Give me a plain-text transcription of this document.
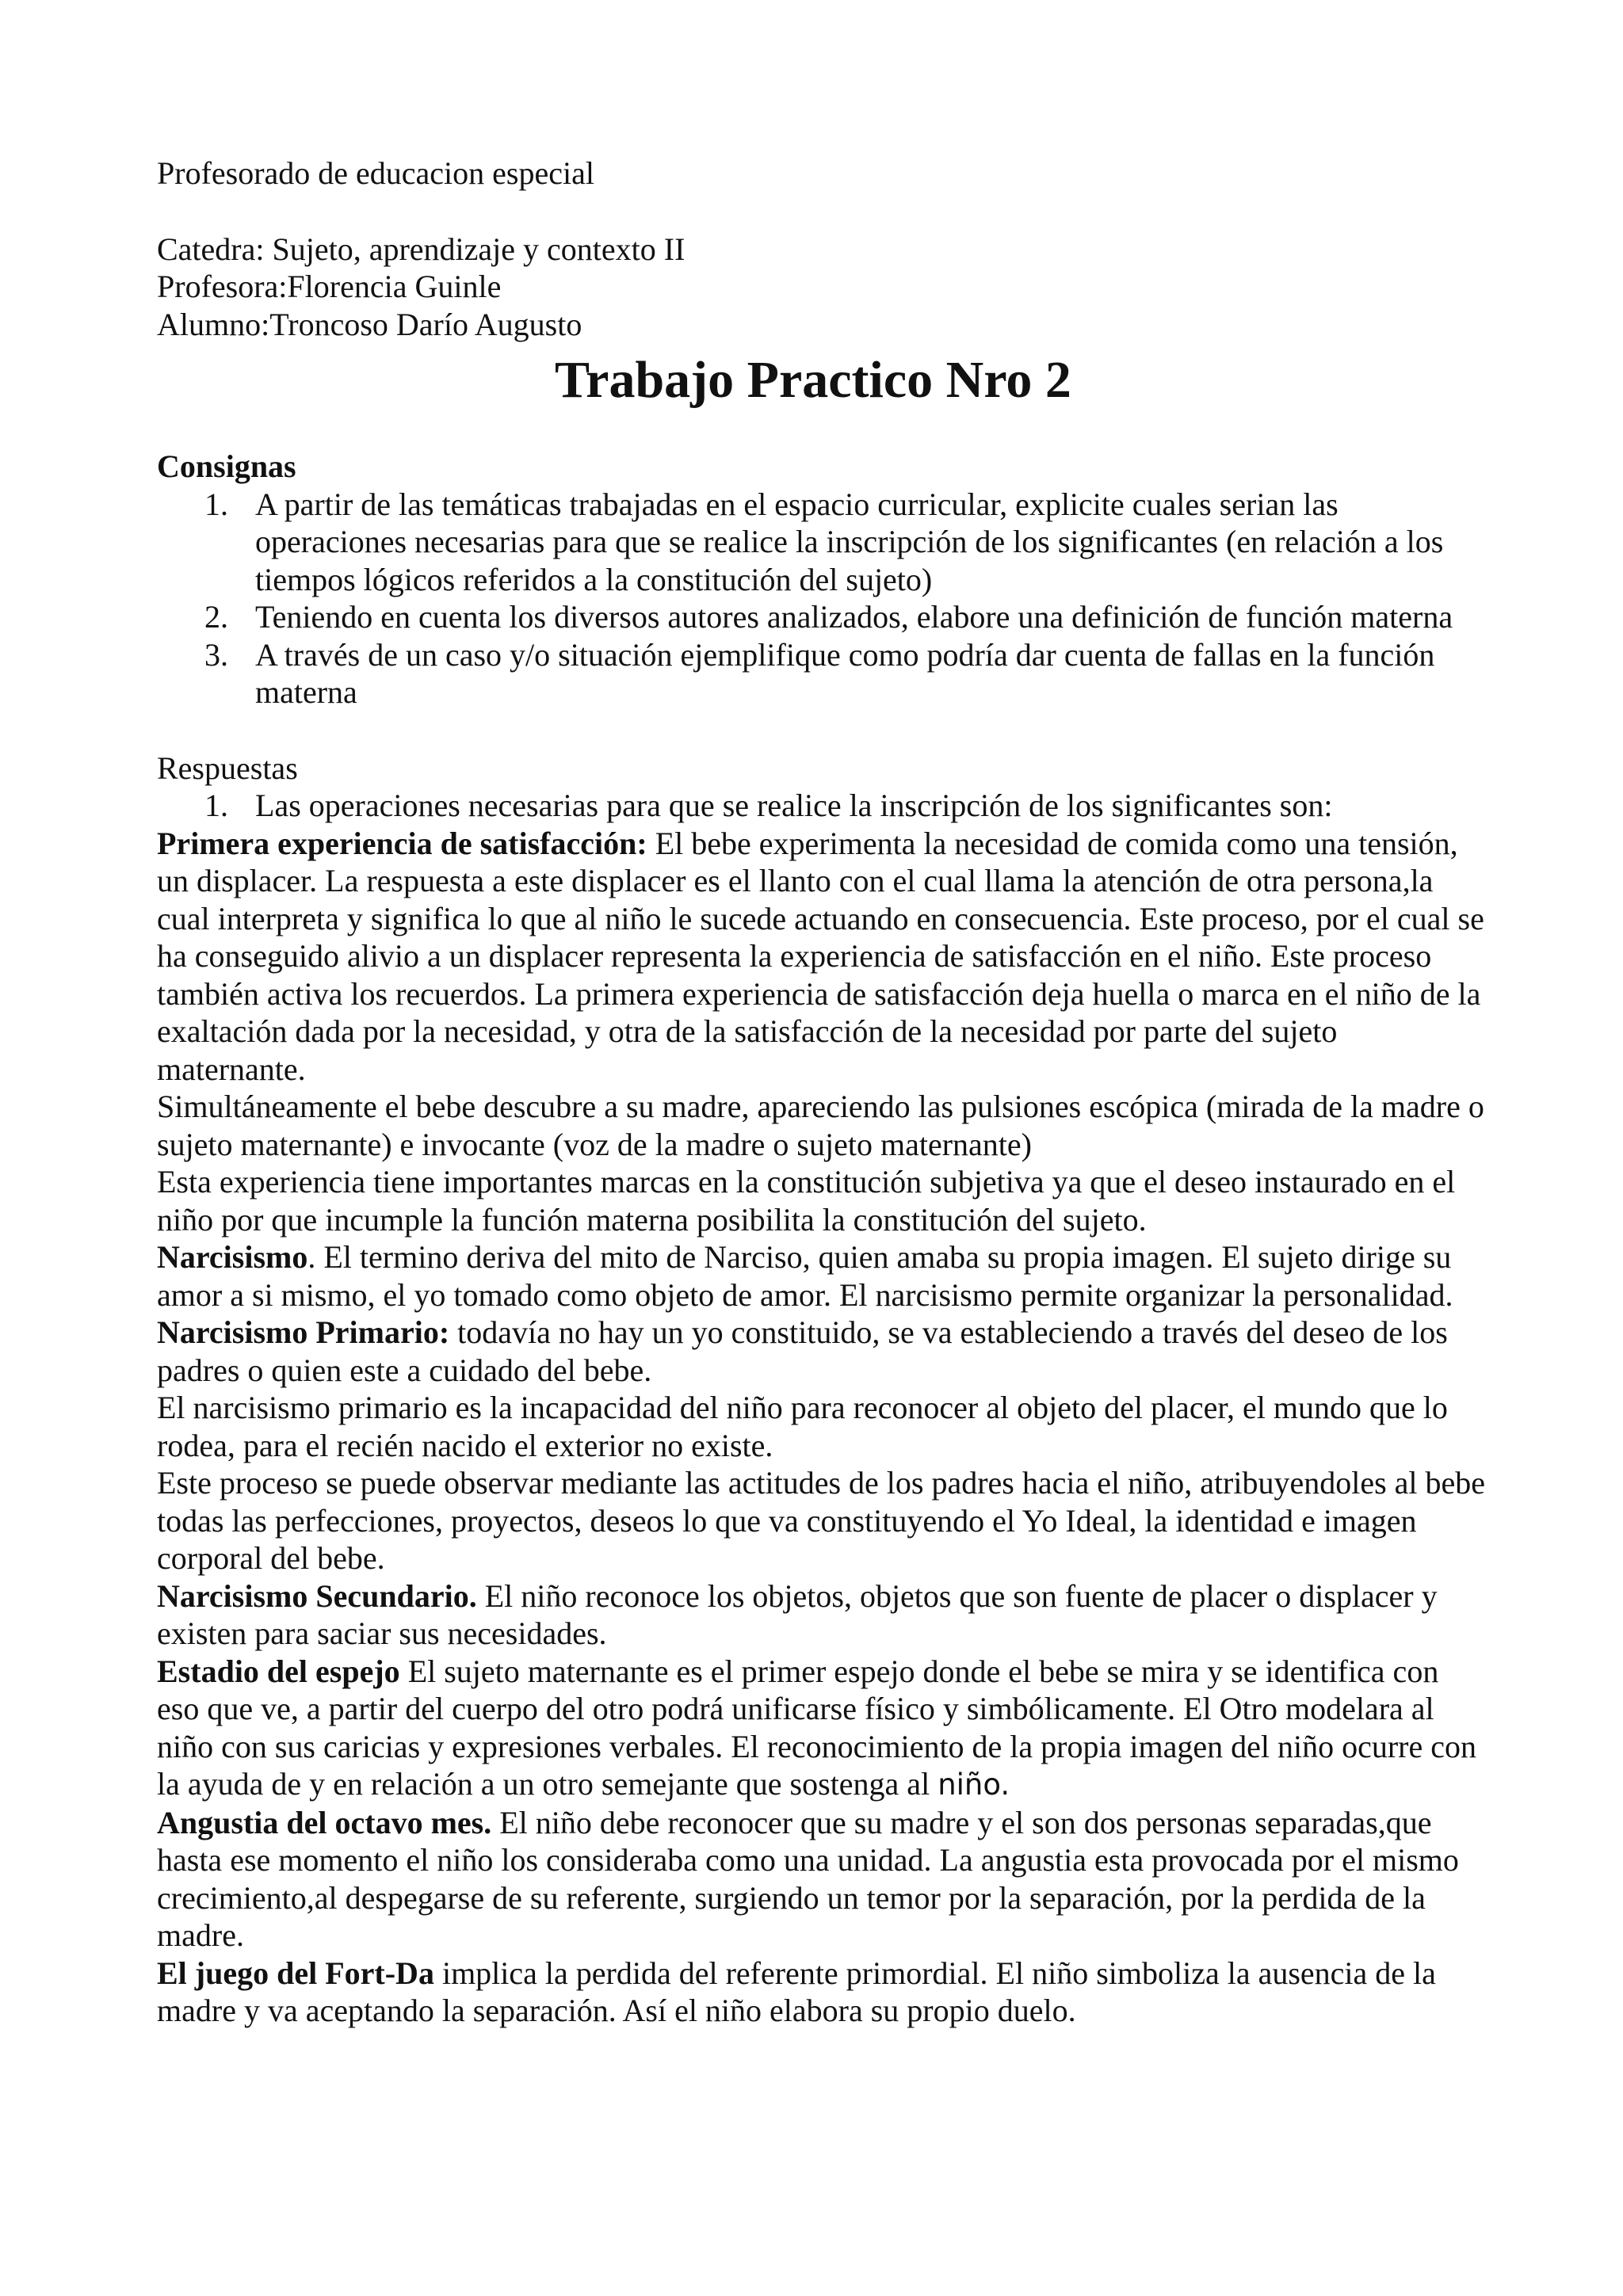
Profesorado de educacion especial

Catedra: Sujeto, aprendizaje y contexto II

Profesora:Florencia Guinle

Alumno:Troncoso Darío Augusto

Trabajo Practico Nro 2

Consignas

1. A partir de las temáticas trabajadas en el espacio curricular, explicite cuales serian las operaciones necesarias para que se realice la inscripción de los significantes (en relación a los tiempos lógicos referidos a la constitución del sujeto)
2. Teniendo en cuenta los diversos autores analizados, elabore una definición de función materna
3. A través de un caso y/o situación ejemplifique como podría dar cuenta de fallas en la función materna

Respuestas

1. Las operaciones necesarias para que se realice la inscripción de los significantes son:

Primera experiencia de satisfacción: El bebe experimenta la necesidad de comida como una tensión, un displacer. La respuesta a este displacer es el llanto con el cual llama la atención de otra persona,la cual interpreta y significa lo que al niño le sucede actuando en consecuencia. Este proceso, por el cual se ha conseguido alivio a un displacer representa la experiencia de satisfacción en el niño. Este proceso también activa los recuerdos. La primera experiencia de satisfacción deja huella o marca en el niño de la exaltación dada por la necesidad, y otra de la satisfacción de la necesidad por parte del sujeto maternante.

Simultáneamente el bebe descubre a su madre, apareciendo las pulsiones escópica (mirada de la madre o sujeto maternante) e invocante (voz de la madre o sujeto maternante)

Esta experiencia tiene importantes marcas en la constitución subjetiva ya que el deseo instaurado en el niño por que incumple la función materna posibilita la constitución del sujeto.

Narcisismo. El termino deriva del mito de Narciso, quien amaba su propia imagen. El sujeto dirige su amor a si mismo, el yo tomado como objeto de amor. El narcisismo permite organizar la personalidad.

Narcisismo Primario: todavía no hay un yo constituido, se va estableciendo a través del deseo de los padres o quien este a cuidado del bebe.

El narcisismo primario es la incapacidad del niño para reconocer al objeto del placer, el mundo que lo rodea, para el recién nacido el exterior no existe.

Este proceso se puede observar mediante las actitudes de los padres hacia el niño, atribuyendoles al bebe todas las perfecciones, proyectos, deseos lo que va constituyendo el Yo Ideal, la identidad e imagen corporal del bebe.

Narcisismo Secundario. El niño reconoce los objetos, objetos que son fuente de placer o displacer y existen para saciar sus necesidades.

Estadio del espejo El sujeto maternante es el primer espejo donde el bebe se mira y se identifica con eso que ve, a partir del cuerpo del otro podrá unificarse físico y simbólicamente. El Otro modelara al niño con sus caricias y expresiones verbales. El reconocimiento de la propia imagen del niño ocurre con la ayuda de y en relación a un otro semejante que sostenga al niño.

Angustia del octavo mes. El niño debe reconocer que su madre y el son dos personas separadas,que hasta ese momento el niño los consideraba como una unidad. La angustia esta provocada por el mismo crecimiento,al despegarse de su referente, surgiendo un temor por la separación, por la perdida de la madre.

El juego del Fort-Da implica la perdida del referente primordial. El niño simboliza la ausencia de la madre y va aceptando la separación. Así el niño elabora su propio duelo.
